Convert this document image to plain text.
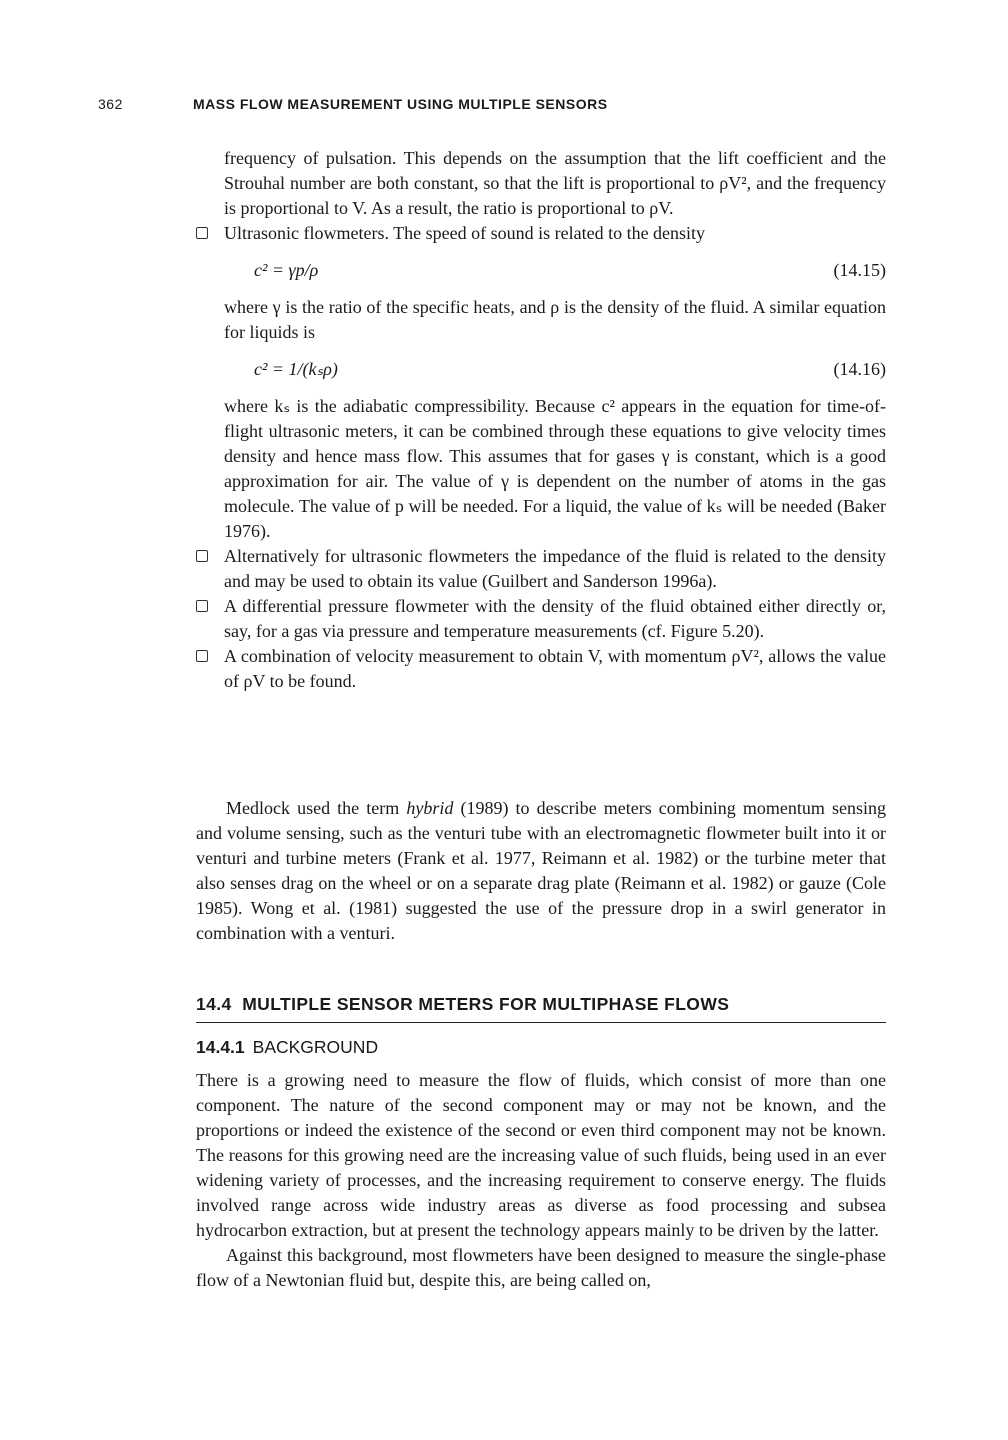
362	MASS FLOW MEASUREMENT USING MULTIPLE SENSORS

frequency of pulsation. This depends on the assumption that the lift coefficient and the Strouhal number are both constant, so that the lift is proportional to ρV², and the frequency is proportional to V. As a result, the ratio is proportional to ρV.

Ultrasonic flowmeters. The speed of sound is related to the density

c² = γp/ρ	(14.15)

where γ is the ratio of the specific heats, and ρ is the density of the fluid. A similar equation for liquids is

c² = 1/(kₛρ)	(14.16)

where kₛ is the adiabatic compressibility. Because c² appears in the equation for time-of-flight ultrasonic meters, it can be combined through these equations to give velocity times density and hence mass flow. This assumes that for gases γ is constant, which is a good approximation for air. The value of γ is dependent on the number of atoms in the gas molecule. The value of p will be needed. For a liquid, the value of kₛ will be needed (Baker 1976).

Alternatively for ultrasonic flowmeters the impedance of the fluid is related to the density and may be used to obtain its value (Guilbert and Sanderson 1996a).

A differential pressure flowmeter with the density of the fluid obtained either directly or, say, for a gas via pressure and temperature measurements (cf. Figure 5.20).

A combination of velocity measurement to obtain V, with momentum ρV², allows the value of ρV to be found.

Medlock used the term hybrid (1989) to describe meters combining momentum sensing and volume sensing, such as the venturi tube with an electromagnetic flowmeter built into it or venturi and turbine meters (Frank et al. 1977, Reimann et al. 1982) or the turbine meter that also senses drag on the wheel or on a separate drag plate (Reimann et al. 1982) or gauze (Cole 1985). Wong et al. (1981) suggested the use of the pressure drop in a swirl generator in combination with a venturi.

14.4 MULTIPLE SENSOR METERS FOR MULTIPHASE FLOWS
14.4.1 BACKGROUND

There is a growing need to measure the flow of fluids, which consist of more than one component. The nature of the second component may or may not be known, and the proportions or indeed the existence of the second or even third component may not be known. The reasons for this growing need are the increasing value of such fluids, being used in an ever widening variety of processes, and the increasing requirement to conserve energy. The fluids involved range across wide industry areas as diverse as food processing and subsea hydrocarbon extraction, but at present the technology appears mainly to be driven by the latter.

Against this background, most flowmeters have been designed to measure the single-phase flow of a Newtonian fluid but, despite this, are being called on,
